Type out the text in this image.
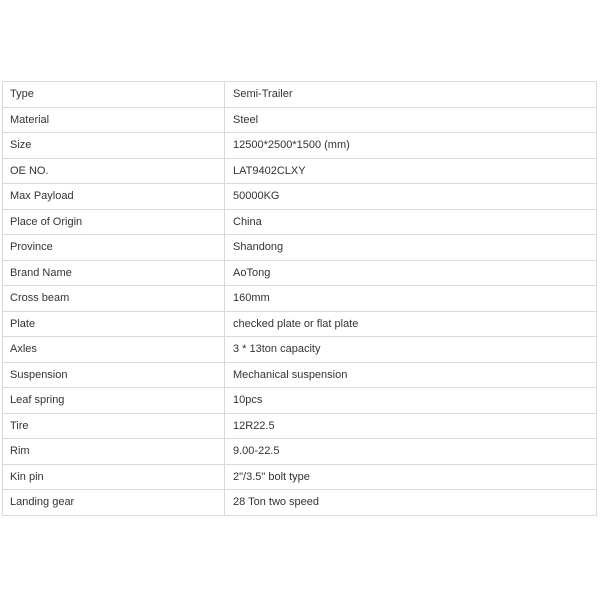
Type	Semi-Trailer
Material	Steel
Size	12500*2500*1500 (mm)
OE NO.	LAT9402CLXY
Max Payload	50000KG
Place of Origin	China
Province	Shandong
Brand Name	AoTong
Cross beam	160mm
Plate	checked plate or flat plate
Axles	3 * 13ton capacity
Suspension	Mechanical suspension
Leaf spring	10pcs
Tire	12R22.5
Rim	9.00-22.5
Kin pin	2"/3.5" bolt type
Landing gear	28 Ton two speed
